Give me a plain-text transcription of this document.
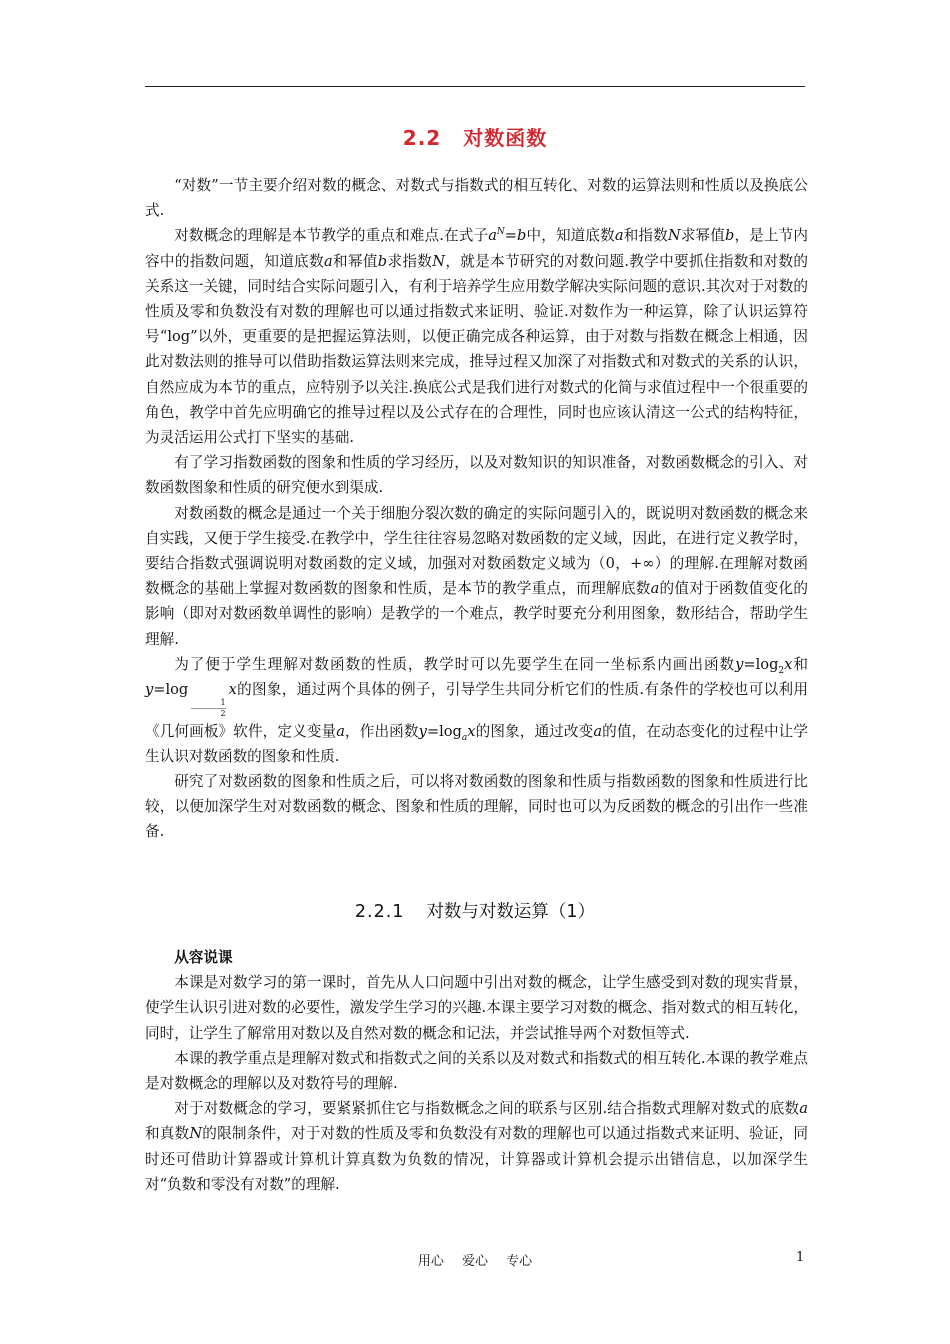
2.2 对数函数

“对数”一节主要介绍对数的概念、对数式与指数式的相互转化、对数的运算法则和性质以及换底公式.

对数概念的理解是本节教学的重点和难点.在式子$a^N=b$中，知道底数a和指数N求幂值b，是上节内容中的指数问题，知道底数a和幂值b求指数N，就是本节研究的对数问题.教学中要抓住指数和对数的关系这一关键，同时结合实际问题引入，有利于培养学生应用数学解决实际问题的意识.其次对于对数的性质及零和负数没有对数的理解也可以通过指数式来证明、验证.对数作为一种运算，除了认识运算符号“log”以外，更重要的是把握运算法则，以便正确完成各种运算，由于对数与指数在概念上相通，因此对数法则的推导可以借助指数运算法则来完成，推导过程又加深了对指数式和对数式的关系的认识，自然应成为本节的重点，应特别予以关注.换底公式是我们进行对数式的化简与求值过程中一个很重要的角色，教学中首先应明确它的推导过程以及公式存在的合理性，同时也应该认清这一公式的结构特征，为灵活运用公式打下坚实的基础.

有了学习指数函数的图象和性质的学习经历，以及对数知识的知识准备，对数函数概念的引入、对数函数图象和性质的研究便水到渠成.

对数函数的概念是通过一个关于细胞分裂次数的确定的实际问题引入的，既说明对数函数的概念来自实践，又便于学生接受.在教学中，学生往往容易忽略对数函数的定义域，因此，在进行定义教学时，要结合指数式强调说明对数函数的定义域，加强对对数函数定义域为（0，+∞）的理解.在理解对数函数概念的基础上掌握对数函数的图象和性质，是本节的教学重点，而理解底数a的值对于函数值变化的影响（即对对数函数单调性的影响）是教学的一个难点，教学时要充分利用图象，数形结合，帮助学生理解.

为了便于学生理解对数函数的性质，教学时可以先要学生在同一坐标系内画出函数$y=\log_2x$和y=log
$\frac{1}{2}$
x的图象，通过两个具体的例子，引导学生共同分析它们的性质.有条件的学校也可以利用《几何画板》软件，定义变量a，作出函数$y=\log_ax$的图象，通过改变a的值，在动态变化的过程中让学生认识对数函数的图象和性质.

研究了对数函数的图象和性质之后，可以将对数函数的图象和性质与指数函数的图象和性质进行比较，以便加深学生对对数函数的概念、图象和性质的理解，同时也可以为反函数的概念的引出作一些准备.

2.2.1 对数与对数运算（1）

从容说课

本课是对数学习的第一课时，首先从人口问题中引出对数的概念，让学生感受到对数的现实背景，使学生认识引进对数的必要性，激发学生学习的兴趣.本课主要学习对数的概念、指对数式的相互转化，同时，让学生了解常用对数以及自然对数的概念和记法，并尝试推导两个对数恒等式.

本课的教学重点是理解对数式和指数式之间的关系以及对数式和指数式的相互转化.本课的教学难点是对数概念的理解以及对数符号的理解.

对于对数概念的学习，要紧紧抓住它与指数概念之间的联系与区别.结合指数式理解对数式的底数a和真数N的限制条件，对于对数的性质及零和负数没有对数的理解也可以通过指数式来证明、验证，同时还可借助计算器或计算机计算真数为负数的情况，计算器或计算机会提示出错信息，以加深学生对“负数和零没有对数”的理解.

用心 爱心 专心	1
